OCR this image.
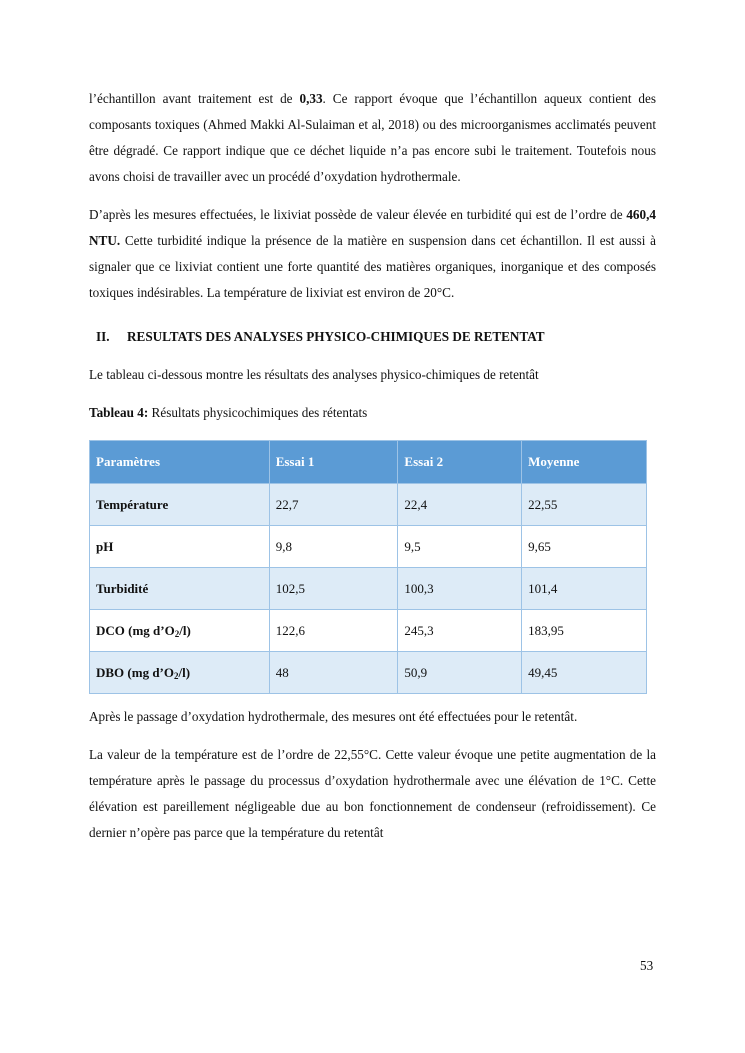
l’échantillon avant traitement est de 0,33. Ce rapport évoque que l’échantillon aqueux contient des composants toxiques (Ahmed Makki Al-Sulaiman et al, 2018) ou des microorganismes acclimatés peuvent être dégradé. Ce rapport indique que ce déchet liquide n’a pas encore subi le traitement. Toutefois nous avons choisi de travailler avec un procédé d’oxydation hydrothermale.

D’après les mesures effectuées, le lixiviat possède de valeur élevée en turbidité qui est de l’ordre de 460,4 NTU. Cette turbidité indique la présence de la matière en suspension dans cet échantillon. Il est aussi à signaler que ce lixiviat contient une forte quantité des matières organiques, inorganique et des composés toxiques indésirables. La température de lixiviat est environ de 20°C.

II. RESULTATS DES ANALYSES PHYSICO-CHIMIQUES DE RETENTAT

Le tableau ci-dessous montre les résultats des analyses physico-chimiques de retentât

Tableau 4: Résultats physicochimiques des rétentats
Paramètres	Essai 1	Essai 2	Moyenne
Température	22,7	22,4	22,55
pH	9,8	9,5	9,65
Turbidité	102,5	100,3	101,4
DCO (mg $d’O_2/l$)	122,6	245,3	183,95
DBO (mg $d’O_2/l$)	48	50,9	49,45

Après le passage d’oxydation hydrothermale, des mesures ont été effectuées pour le retentât.

La valeur de la température est de l’ordre de 22,55°C. Cette valeur évoque une petite augmentation de la température après le passage du processus d’oxydation hydrothermale avec une élévation de 1°C. Cette élévation est pareillement négligeable due au bon fonctionnement de condenseur (refroidissement). Ce dernier n’opère pas parce que la température du retentât

53
